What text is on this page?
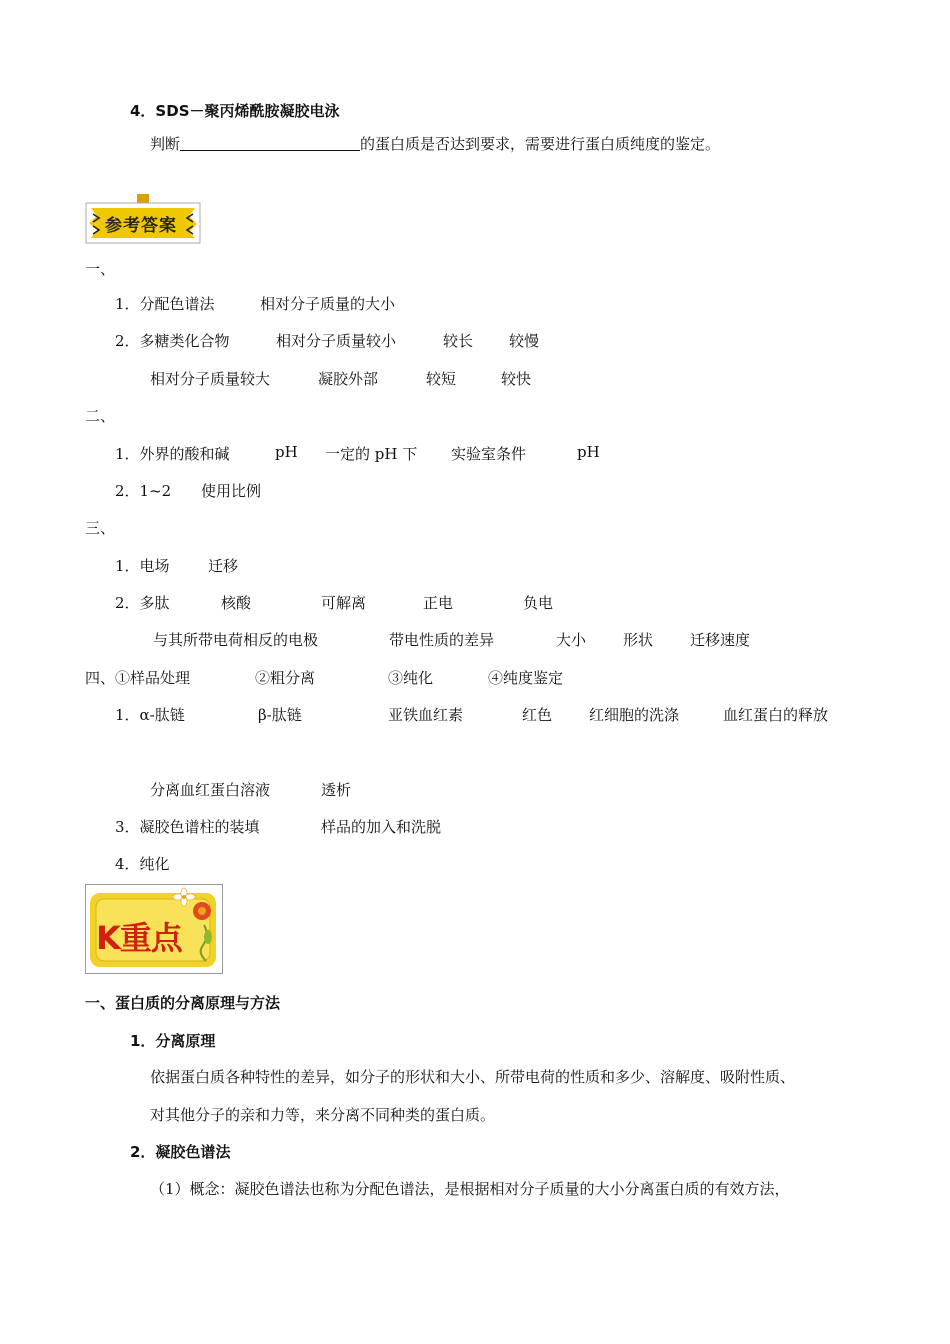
4．SDS－聚丙烯酰胺凝胶电泳
判断	的蛋白质是否达到要求，需要进行蛋白质纯度的鉴定。
参考答案
一、
1．分配色谱法	相对分子质量的大小
2．多糖类化合物	相对分子质量较小	较长 较慢
相对分子质量较大	凝胶外部	较短	较快
二、
1．外界的酸和碱	pH 一定的 pH 下 实验室条件	pH
2．1~2 使用比例
三、
1．电场	迁移
2．多肽	核酸	可解离	正电	负电
与其所带电荷相反的电极	带电性质的差异	大小 形状 迁移速度
四、①样品处理	②粗分离	③纯化	④纯度鉴定
1．α-肽链	β-肽链	亚铁血红素	红色 红细胞的洗涤	血红蛋白的释放
分离血红蛋白溶液	透析
3．凝胶色谱柱的装填	样品的加入和洗脱
4．纯化
K重点
一、蛋白质的分离原理与方法
1．分离原理
依据蛋白质各种特性的差异，如分子的形状和大小、所带电荷的性质和多少、溶解度、吸附性质、
对其他分子的亲和力等，来分离不同种类的蛋白质。
2．凝胶色谱法
（1）概念：凝胶色谱法也称为分配色谱法，是根据相对分子质量的大小分离蛋白质的有效方法，
